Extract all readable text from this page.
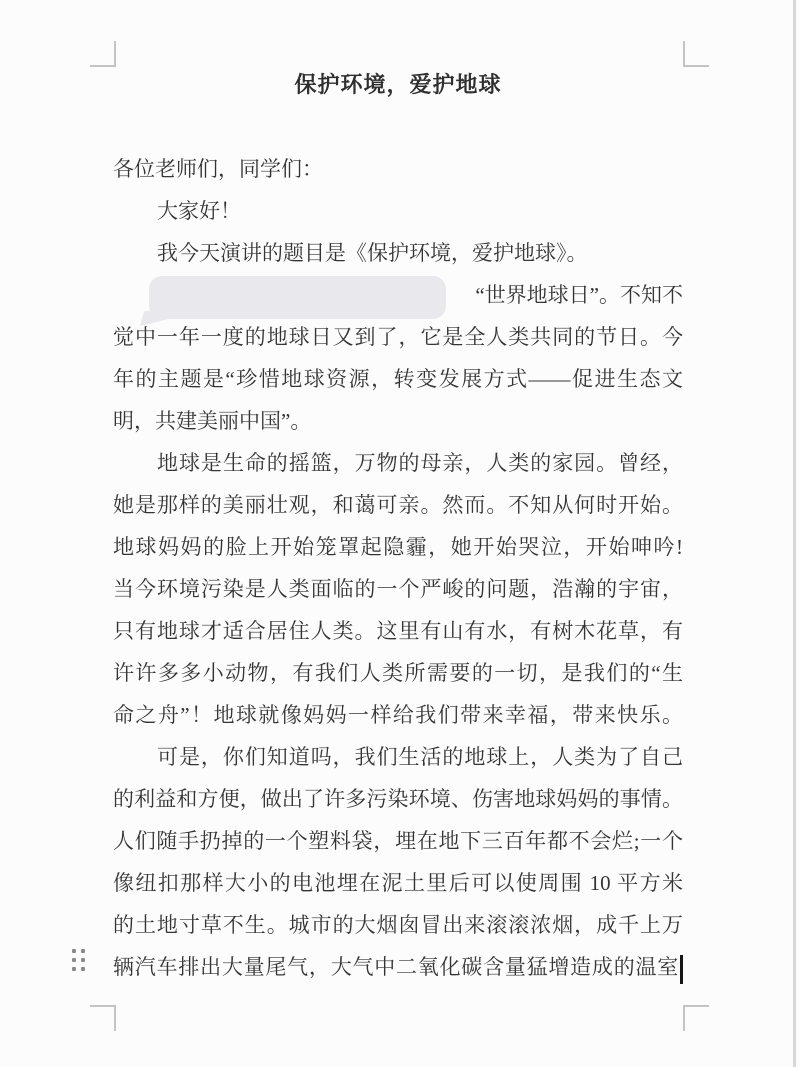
保护环境，爱护地球
各位老师们，同学们：
大家好！
我今天演讲的题目是《保护环境，爱护地球》。
“世界地球日”。不知不
觉中一年一度的地球日又到了，它是全人类共同的节日。今
年的主题是“珍惜地球资源，转变发展方式——促进生态文
明，共建美丽中国”。
地球是生命的摇篮，万物的母亲，人类的家园。曾经，
她是那样的美丽壮观，和蔼可亲。然而。不知从何时开始。
地球妈妈的脸上开始笼罩起隐霾，她开始哭泣，开始呻吟!
当今环境污染是人类面临的一个严峻的问题，浩瀚的宇宙，
只有地球才适合居住人类。这里有山有水，有树木花草，有
许许多多小动物，有我们人类所需要的一切，是我们的“生
命之舟”！地球就像妈妈一样给我们带来幸福，带来快乐。
可是，你们知道吗，我们生活的地球上，人类为了自己
的利益和方便，做出了许多污染环境、伤害地球妈妈的事情。
人们随手扔掉的一个塑料袋，埋在地下三百年都不会烂;一个
像纽扣那样大小的电池埋在泥土里后可以使周围 10 平方米
的土地寸草不生。城市的大烟囱冒出来滚滚浓烟，成千上万
辆汽车排出大量尾气，大气中二氧化碳含量猛增造成的温室
